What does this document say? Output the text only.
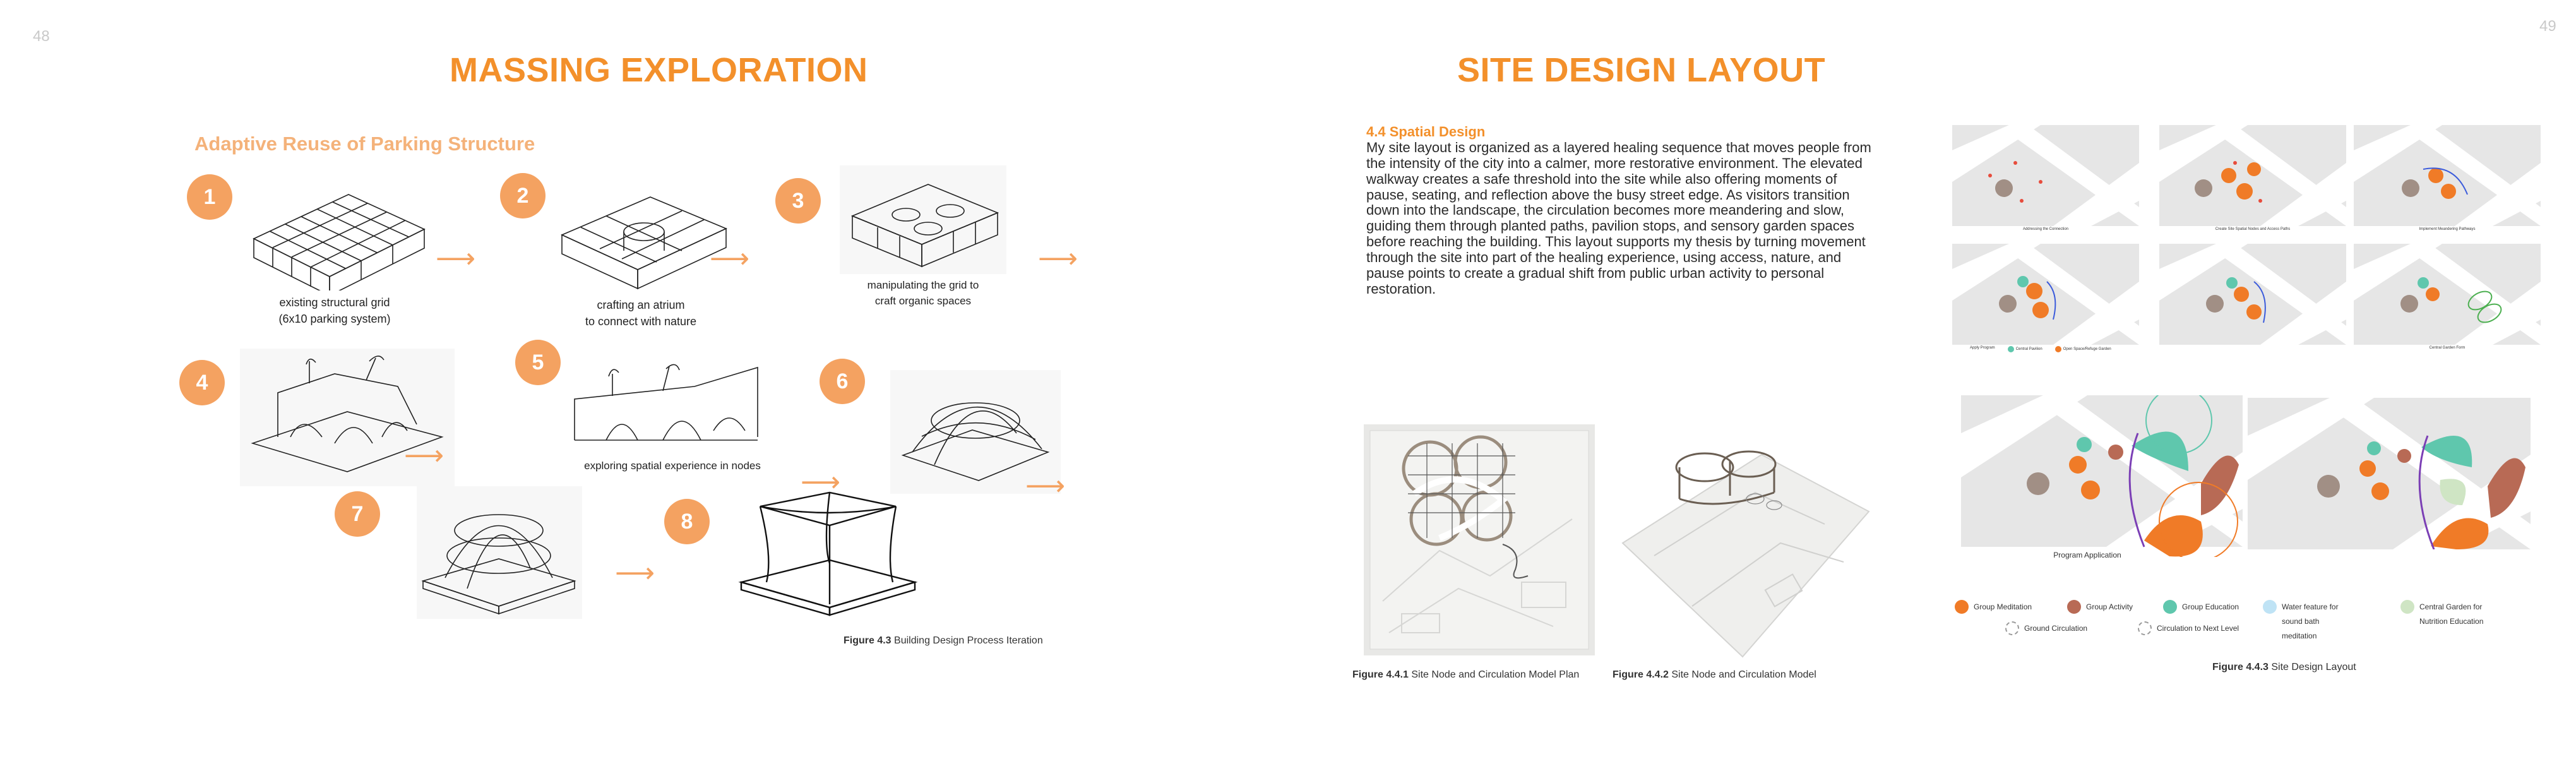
48
49
MASSING EXPLORATION
Adaptive Reuse of Parking Structure
1
existing structural grid
(6x10 parking system)
⟶
2
crafting an atrium
to connect with nature
⟶
3
manipulating the grid to
craft organic spaces
⟶
4
⟶
5
exploring spatial experience in nodes
⟶
6
⟶
7
⟶
8
Figure 4.3 Building Design Process Iteration
SITE DESIGN LAYOUT
4.4 Spatial Design
My site layout is organized as a layered healing sequence that moves people from the intensity of the city into a calmer, more restorative environment. The elevated walkway creates a safe threshold into the site while also offering moments of pause, seating, and reflection above the busy street edge. As visitors transition down into the landscape, the circulation becomes more meandering and slow, guiding them through planted paths, pavilion stops, and sensory garden spaces before reaching the building. This layout supports my thesis by turning movement through the site into part of the healing experience, using access, nature, and pause points to create a gradual shift from public urban activity to personal restoration.
Figure 4.4.1 Site Node and Circulation Model Plan	Figure 4.4.2 Site Node and Circulation Model
Addressing the Connection	Create Site Spatial Nodes and Access Paths	Implement Meandering Pathways
Apply Program	Central Pavilion	Open Space/Refuge Garden	Central Garden Form
Program Application
Group Meditation	Group Activity	Group Education	Water feature for sound bath meditation
Central Garden for Nutrition Education
Ground Circulation	Circulation to Next Level
Figure 4.4.3 Site Design Layout
